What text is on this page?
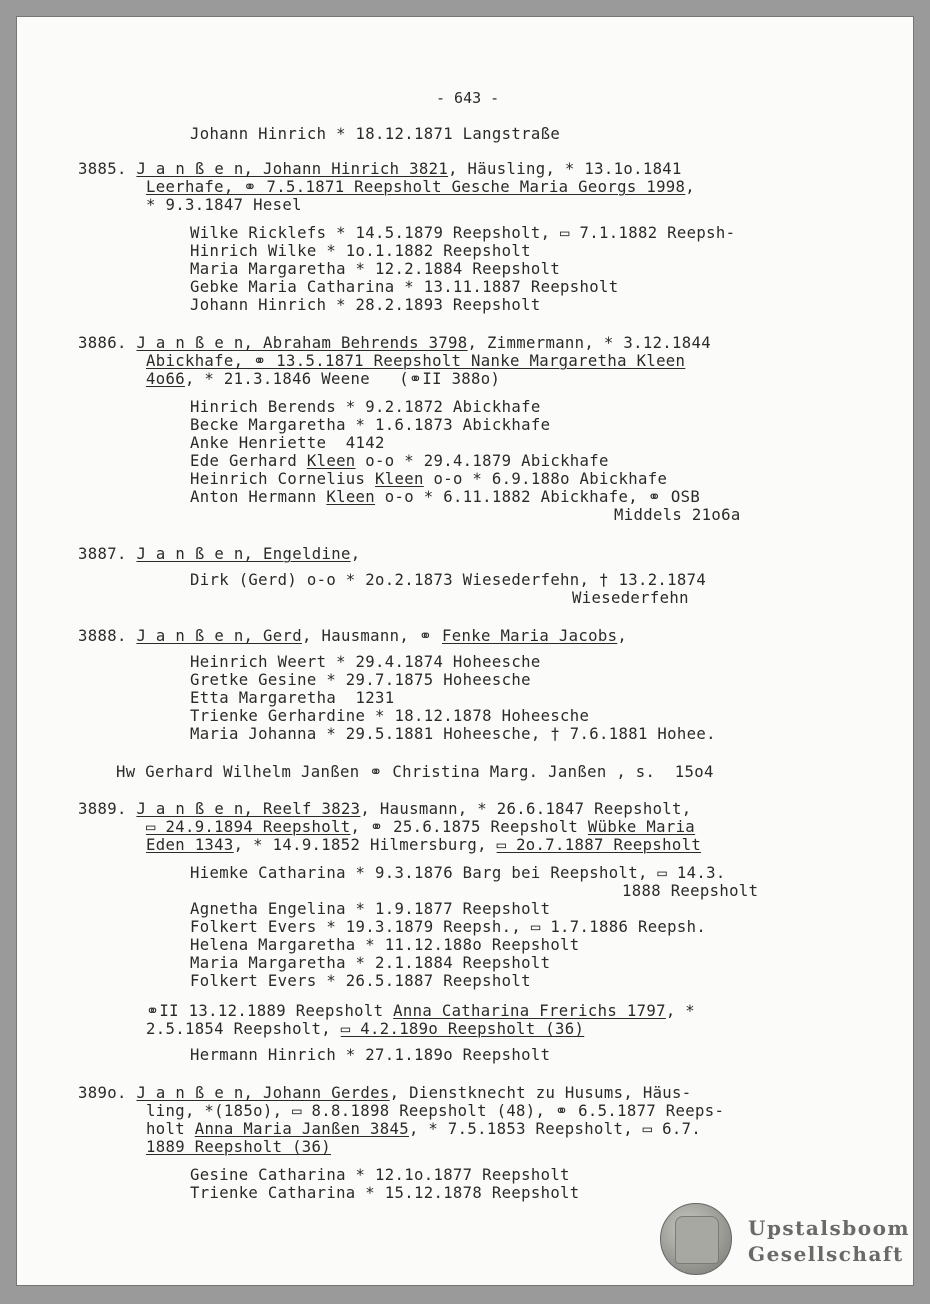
- 643 -
Johann Hinrich * 18.12.1871 Langstraße
3885. J a n ß e n, Johann Hinrich 3821, Häusling, * 13.1o.1841
Leerhafe, ⚭ 7.5.1871 Reepsholt Gesche Maria Georgs 1998,
* 9.3.1847 Hesel
Wilke Ricklefs * 14.5.1879 Reepsholt, ▭ 7.1.1882 Reepsh-
Hinrich Wilke * 1o.1.1882 Reepsholt
Maria Margaretha * 12.2.1884 Reepsholt
Gebke Maria Catharina * 13.11.1887 Reepsholt
Johann Hinrich * 28.2.1893 Reepsholt
3886. J a n ß e n, Abraham Behrends 3798, Zimmermann, * 3.12.1844
Abickhafe, ⚭ 13.5.1871 Reepsholt Nanke Margaretha Kleen
4o66, * 21.3.1846 Weene   (⚭II 388o)
Hinrich Berends * 9.2.1872 Abickhafe
Becke Margaretha * 1.6.1873 Abickhafe
Anke Henriette  4142
Ede Gerhard Kleen o-o * 29.4.1879 Abickhafe
Heinrich Cornelius Kleen o-o * 6.9.188o Abickhafe
Anton Hermann Kleen o-o * 6.11.1882 Abickhafe, ⚭ OSB
Middels 21o6a
3887. J a n ß e n, Engeldine,
Dirk (Gerd) o-o * 2o.2.1873 Wiesederfehn, † 13.2.1874
Wiesederfehn
3888. J a n ß e n, Gerd, Hausmann, ⚭ Fenke Maria Jacobs,
Heinrich Weert * 29.4.1874 Hoheesche
Gretke Gesine * 29.7.1875 Hoheesche
Etta Margaretha  1231
Trienke Gerhardine * 18.12.1878 Hoheesche
Maria Johanna * 29.5.1881 Hoheesche, † 7.6.1881 Hohee.
Hw Gerhard Wilhelm Janßen ⚭ Christina Marg. Janßen , s.  15o4
3889. J a n ß e n, Reelf 3823, Hausmann, * 26.6.1847 Reepsholt,
▭ 24.9.1894 Reepsholt, ⚭ 25.6.1875 Reepsholt Wübke Maria
Eden 1343, * 14.9.1852 Hilmersburg, ▭ 2o.7.1887 Reepsholt
Hiemke Catharina * 9.3.1876 Barg bei Reepsholt, ▭ 14.3.
1888 Reepsholt
Agnetha Engelina * 1.9.1877 Reepsholt
Folkert Evers * 19.3.1879 Reepsh., ▭ 1.7.1886 Reepsh.
Helena Margaretha * 11.12.188o Reepsholt
Maria Margaretha * 2.1.1884 Reepsholt
Folkert Evers * 26.5.1887 Reepsholt
⚭II 13.12.1889 Reepsholt Anna Catharina Frerichs 1797, *
2.5.1854 Reepsholt, ▭ 4.2.189o Reepsholt (36)
Hermann Hinrich * 27.1.189o Reepsholt
389o. J a n ß e n, Johann Gerdes, Dienstknecht zu Husums, Häus-
ling, *(185o), ▭ 8.8.1898 Reepsholt (48), ⚭ 6.5.1877 Reeps-
holt Anna Maria Janßen 3845, * 7.5.1853 Reepsholt, ▭ 6.7.
1889 Reepsholt (36)
Gesine Catharina * 12.1o.1877 Reepsholt
Trienke Catharina * 15.12.1878 Reepsholt
Upstalsboom
Gesellschaft
